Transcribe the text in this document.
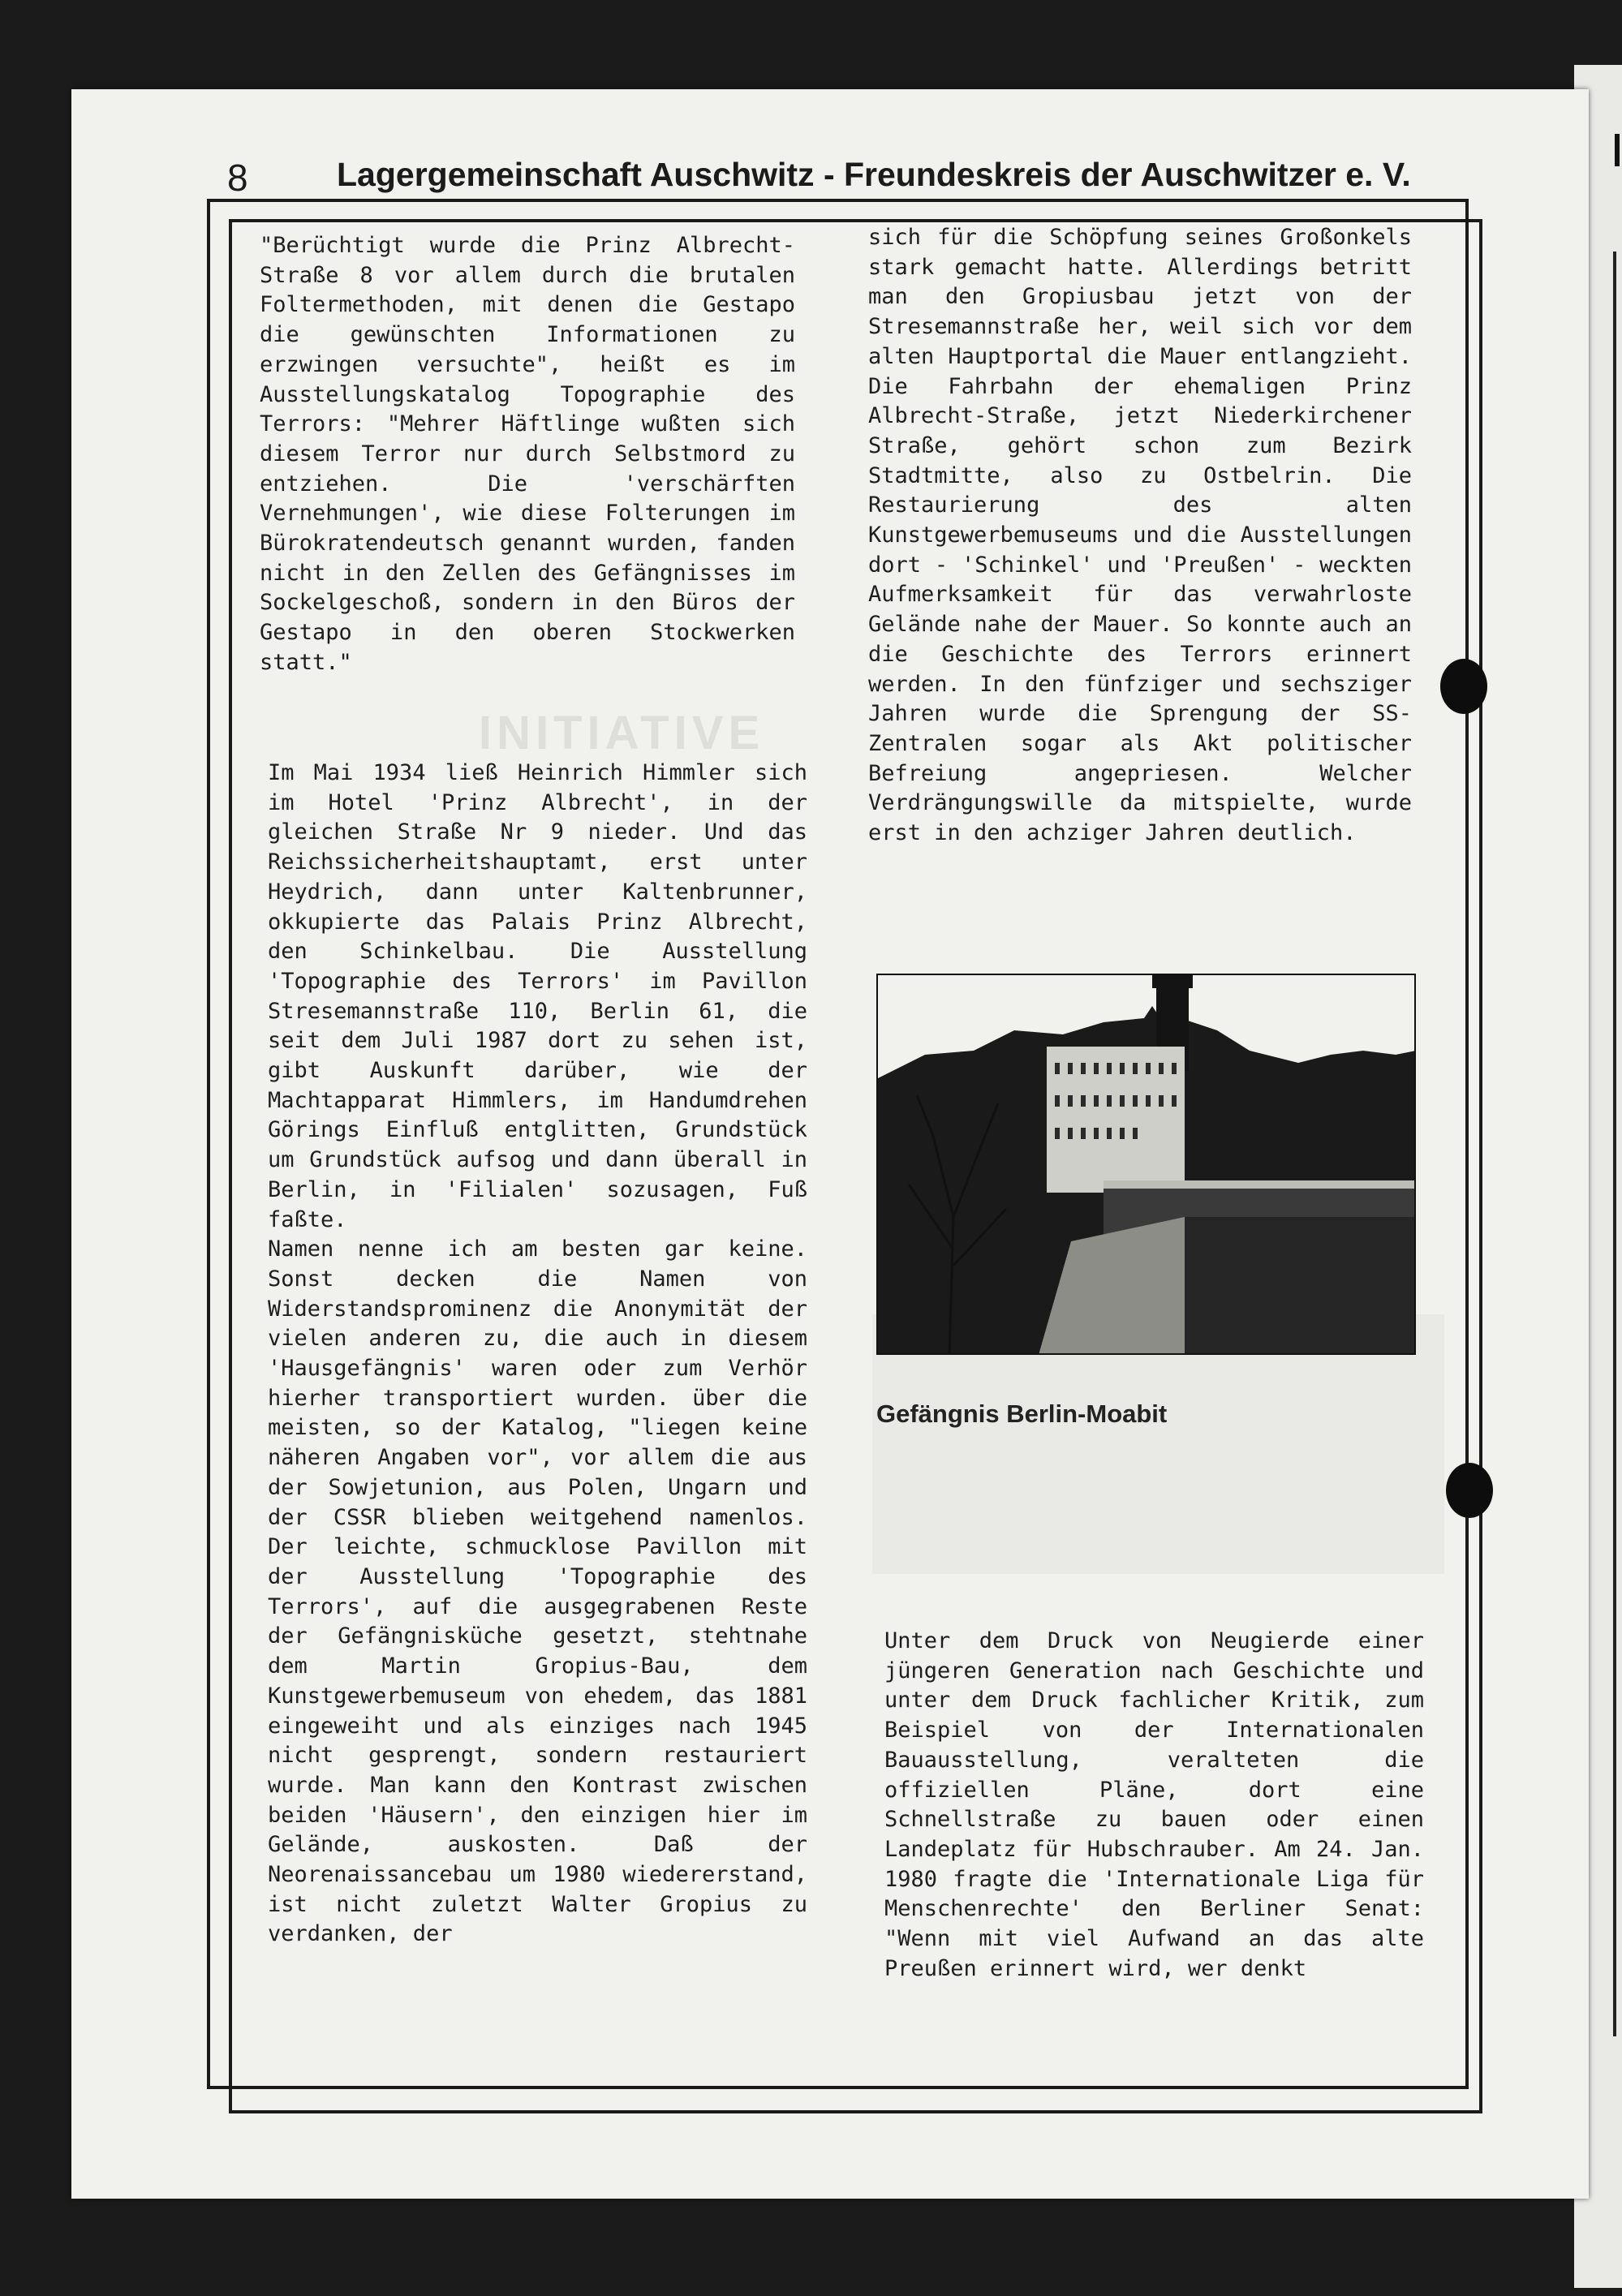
8	Lagergemeinschaft Auschwitz - Freundeskreis der Auschwitzer e. V.
INITIATIVE
"Berüchtigt wurde die Prinz Albrecht-Straße 8 vor allem durch die brutalen Foltermethoden, mit denen die Gestapo die gewünschten Informationen zu erzwingen versuchte", heißt es im Ausstellungskatalog Topographie des Terrors: "Mehrer Häftlinge wußten sich diesem Terror nur durch Selbstmord zu entziehen. Die 'verschärften Vernehmungen', wie diese Folterungen im Bürokratendeutsch genannt wurden, fanden nicht in den Zellen des Gefängnisses im Sockelgeschoß, sondern in den Büros der Gestapo in den oberen Stockwerken statt."
Im Mai 1934 ließ Heinrich Himmler sich im Hotel 'Prinz Albrecht', in der gleichen Straße Nr 9 nieder. Und das Reichssicherheitshauptamt, erst unter Heydrich, dann unter Kaltenbrunner, okkupierte das Palais Prinz Albrecht, den Schinkelbau. Die Ausstellung 'Topographie des Terrors' im Pavillon Stresemannstraße 110, Berlin 61, die seit dem Juli 1987 dort zu sehen ist, gibt Auskunft darüber, wie der Machtapparat Himmlers, im Handumdrehen Görings Einfluß entglitten, Grundstück um Grundstück aufsog und dann überall in Berlin, in 'Filialen' sozusagen, Fuß faßte.
Namen nenne ich am besten gar keine. Sonst decken die Namen von Widerstandsprominenz die Anonymität der vielen anderen zu, die auch in diesem 'Hausgefängnis' waren oder zum Verhör hierher transportiert wurden. über die meisten, so der Katalog, "liegen keine näheren Angaben vor", vor allem die aus der Sowjetunion, aus Polen, Ungarn und der CSSR blieben weitgehend namenlos. Der leichte, schmucklose Pavillon mit der Ausstellung 'Topographie des Terrors', auf die ausgegrabenen Reste der Gefängnisküche gesetzt, stehtnahe dem Martin Gropius-Bau, dem Kunstgewerbemuseum von ehedem, das 1881 eingeweiht und als einziges nach 1945 nicht gesprengt, sondern restauriert wurde. Man kann den Kontrast zwischen beiden 'Häusern', den einzigen hier im Gelände, auskosten. Daß der Neorenaissancebau um 1980 wiedererstand, ist nicht zuletzt Walter Gropius zu verdanken, der
sich für die Schöpfung seines Großonkels stark gemacht hatte. Allerdings betritt man den Gropiusbau jetzt von der Stresemannstraße her, weil sich vor dem alten Hauptportal die Mauer entlangzieht. Die Fahrbahn der ehemaligen Prinz Albrecht-Straße, jetzt Niederkirchener Straße, gehört schon zum Bezirk Stadtmitte, also zu Ostbelrin. Die Restaurierung des alten Kunstgewerbemuseums und die Ausstellungen dort - 'Schinkel' und 'Preußen' - weckten Aufmerksamkeit für das verwahrloste Gelände nahe der Mauer. So konnte auch an die Geschichte des Terrors erinnert werden. In den fünfziger und sechsziger Jahren wurde die Sprengung der SS-Zentralen sogar als Akt politischer Befreiung angepriesen. Welcher Verdrängungswille da mitspielte, wurde erst in den achziger Jahren deutlich.
Gefängnis Berlin-Moabit
Unter dem Druck von Neugierde einer jüngeren Generation nach Geschichte und unter dem Druck fachlicher Kritik, zum Beispiel von der Internationalen Bauausstellung, veralteten die offiziellen Pläne, dort eine Schnellstraße zu bauen oder einen Landeplatz für Hubschrauber. Am 24. Jan. 1980 fragte die 'Internationale Liga für Menschenrechte' den Berliner Senat: "Wenn mit viel Aufwand an das alte Preußen erinnert wird, wer denkt
